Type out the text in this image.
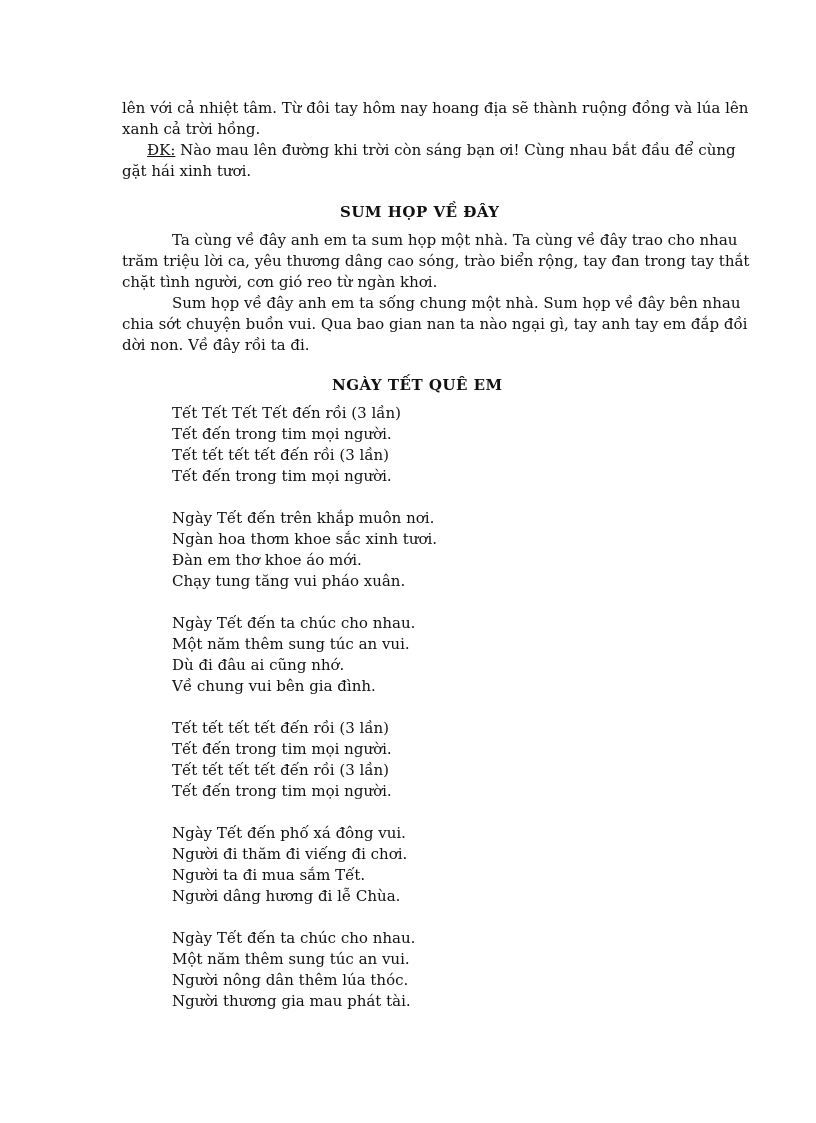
lên với cả nhiệt tâm. Từ đôi tay hôm nay hoang địa sẽ thành ruộng đồng và lúa lên
xanh cả trời hồng.
ĐK: Nào mau lên đường khi trời còn sáng bạn ơi! Cùng nhau bắt đầu để cùng
gặt hái xinh tươi.
SUM HỌP VỀ ĐÂY
Ta cùng về đây anh em ta sum họp một nhà. Ta cùng về đây trao cho nhau
trăm triệu lời ca, yêu thương dâng cao sóng, trào biển rộng, tay đan trong tay thắt
chặt tình người, cơn gió reo từ ngàn khơi.
Sum họp về đây anh em ta sống chung một nhà. Sum họp về đây bên nhau
chia sớt chuyện buồn vui. Qua bao gian nan ta nào ngại gì, tay anh tay em đắp đồi
dời non. Về đây rồi ta đi.
NGÀY TẾT QUÊ EM
Tết Tết Tết Tết đến rồi (3 lần)
Tết đến trong tim mọi người.
Tết tết tết tết đến rồi (3 lần)
Tết đến trong tim mọi người.
Ngày Tết đến trên khắp muôn nơi.
Ngàn hoa thơm khoe sắc xinh tươi.
Đàn em thơ khoe áo mới.
Chạy tung tăng vui pháo xuân.
Ngày Tết đến ta chúc cho nhau.
Một năm thêm sung túc an vui.
Dù đi đâu ai cũng nhớ.
Về chung vui bên gia đình.
Tết tết tết tết đến rồi (3 lần)
Tết đến trong tim mọi người.
Tết tết tết tết đến rồi (3 lần)
Tết đến trong tim mọi người.
Ngày Tết đến phố xá đông vui.
Người đi thăm đi viếng đi chơi.
Người ta đi mua sắm Tết.
Người dâng hương đi lễ Chùa.
Ngày Tết đến ta chúc cho nhau.
Một năm thêm sung túc an vui.
Người nông dân thêm lúa thóc.
Người thương gia mau phát tài.
